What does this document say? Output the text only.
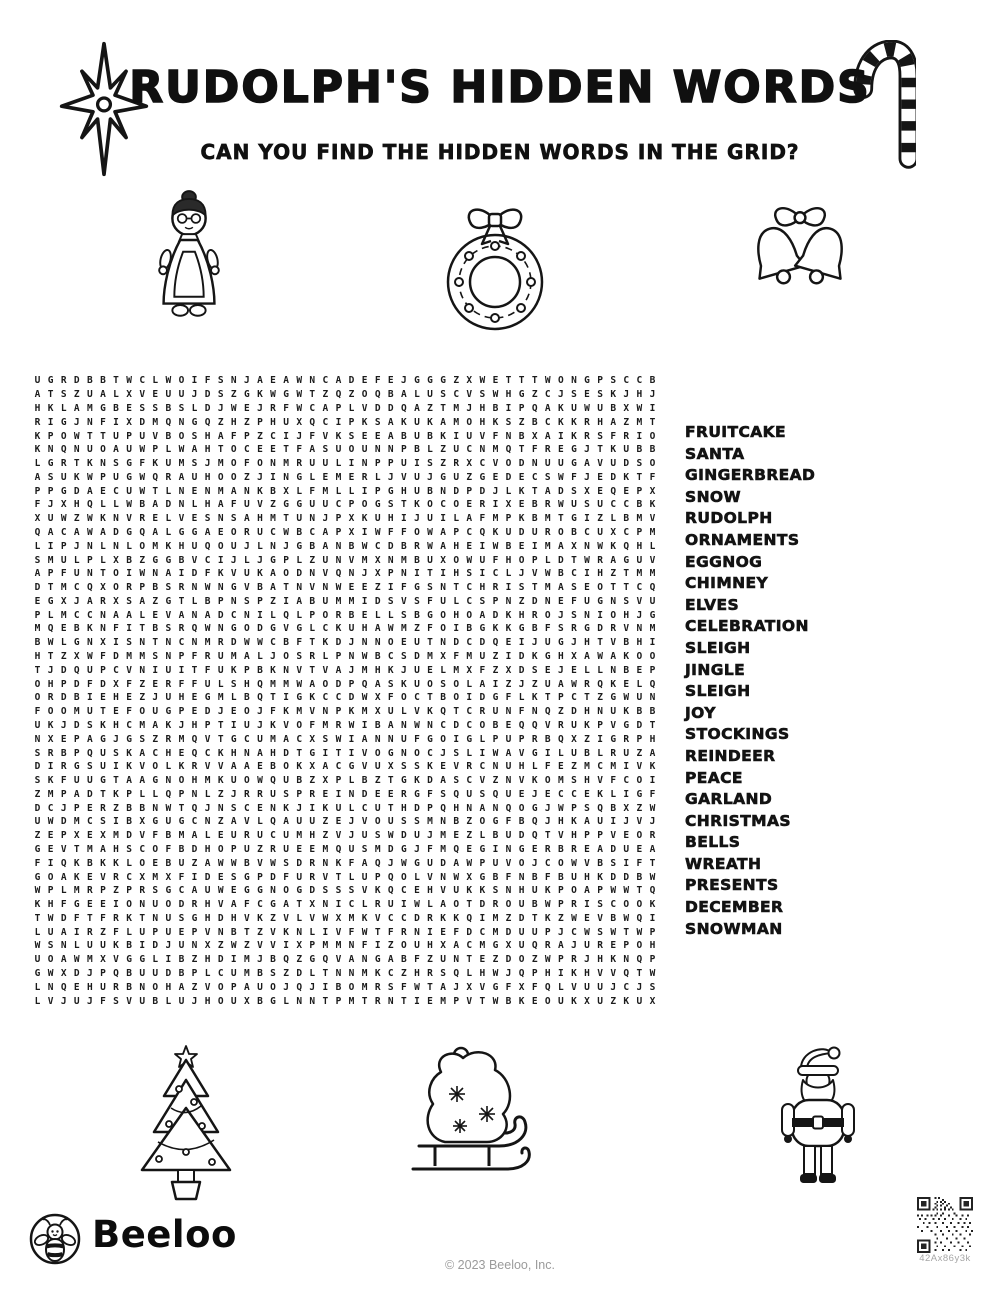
RUDOLPH'S HIDDEN WORDS
CAN YOU FIND THE HIDDEN WORDS IN THE GRID?
U G R D B B T W C L W O I F S N J A E A W N C A D E F E J G G G Z X W E T T T W O N G P S C C B
A T S Z U A L X V E U U J D S Z G K W G W T Z Q Z O Q B A L U S C V S W H G Z C J S E S K J H J
H K L A M G B E S S B S L D J W E J R F W C A P L V D D Q A Z T M J H B I P Q A K U W U B X W I
R I G J N F I X D M Q N G Q Z H Z P H U X Q C I P K S A K U K A M O H K S Z B C K K R H A Z M T
K P O W T T U P U V B O S H A F P Z C I J F V K S E E A B U B K I U V F N B X A I K R S F R I O
K N Q N U O A U W P L W A H T O C E E T F A S U O U N N P B L Z U C N M Q T F R E G J T K U B B
L G R T K N S G F K U M S J M O F O N M R U U L I N P P U I S Z R X C V O D N U U G A V U D S O
A S U K W P U G W Q R A U H O O Z J I N G L E M E R L J V U J G U Z G E D E C S W F J E D K T F
P P G D A E C U W T L N E N M A N K B X L F M L L I P G H U B N D P D J L K T A D S X E Q E P X
F J X H Q L L W B A D N L H A F U V Z G G U U C P O G S T K O C O E R I X E B R W U S U C C B K
X U W Z W K N V R E L V E S N S A H M T U N J P X K U H I J U I L A F M P K B M T G I Z L B M V
Q A C A W A D G Q A L G G A E O R U C W B C A P X I W F F O W A P C Q K U D U R O B C U X C P M
L I P J N L N L O M K H U Q O U J L N J G B A N B W C D B R W A H E I W B E I M A X N W K Q H L
S M U L P L X B Z G G B V C I J L J G P L Z U N V M X N M B U X O W U F H O P L D T W R A G U V
A P F U N T O I W N A I D F K V U K A O D N V Q N J X P N I T I H S I C L J V W B C I H Z T M M
D T M C Q X O R P B S R N W N G V B A T N V N W E E Z I F G S N T C H R I S T M A S E O T T C Q
E G X J A R X S A Z G T L B P N S P Z I A B U M M I D S V S F U L C S P N Z D N E F U G N S V U
P L M C C N A A L E V A N A D C N I L Q L P O R B E L L S B G O H O A D K H R O J S N I O H J G
M Q E B K N F I T B S R Q W N G O D G V G L C K U H A W M Z F O I B G K K G B F S R G D R V N M
B W L G N X I S N T N C N M R D W W C B F T K D J N N O E U T N D C D Q E I J U G J H T V B H I
H T Z X W F D M M S N P F R U M A L J O S R L P N W B C S D M X F M U Z I D K G H X A W A K O O
T J D Q U P C V N I U I T F U K P B K N V T V A J M H K J U E L M X F Z X D S E J E L L N B E P
O H P D F D X F Z E R F F U L S H Q M M W A O D P Q A S K U O S O L A I Z J Z U A W R Q K E L Q
O R D B I E H E Z J U H E G M L B Q T I G K C C D W X F O C T B O I D G F L K T P C T Z G W U N
F O O M U T E F O U G P E D J E O J F K M V N P K M X U L V K Q T C R U N F N Q Z D H N U K B B
U K J D S K H C M A K J H P T I U J K V O F M R W I B A N W N C D C O B E Q Q V R U K P V G D T
N X E P A G J G S Z R M Q V T G C U M A C X S W I A N N U F G O I G L P U P R B Q X Z I G R P H
S R B P Q U S K A C H E Q C K H N A H D T G I T I V O G N O C J S L I W A V G I L U B L R U Z A
D I R G S U I K V O L K R V V A A E B O K X A C G V U X S S K E V R C N U H L F E Z M C M I V K
S K F U U G T A A G N O H M K U O W Q U B Z X P L B Z T G K D A S C V Z N V K O M S H V F C O I
Z M P A D T K P L L Q P N L Z J R R U S P R E I N D E E R G F S Q U S Q U E J E C C E K L I G F
D C J P E R Z B B N W T Q J N S C E N K J I K U L C U T H D P Q H N A N Q O G J W P S Q B X Z W
U W D M C S I B X G U G C N Z A V L Q A U U Z E J V O U S S M N B Z O G F B Q J H K A U I J V J
Z E P X E X M D V F B M A L E U R U C U M H Z V J U S W D U J M E Z L B U D Q T V H P P V E O R
G E V T M A H S C O F B D H O P U Z R U E E M Q U S M D G J F M Q E G I N G E R B R E A D U E A
F I Q K B K K L O E B U Z A W W B V W S D R N K F A Q J W G U D A W P U V O J C O W V B S I F T
G O A K E V R C X M X F I D E S G P D F U R V T L U P Q O L V N W X G B F N B F B U H K D D B W
W P L M R P Z P R S G C A U W E G G N O G D S S S V K Q C E H V U K K S N H U K P O A P W W T Q
K H F G E E I O N U O D R H V A F C G A T X N I C L R U I W L A O T D R O U B W P R I S C O O K
T W D F T F R K T N U S G H D H V K Z V L V W X M K V C C D R K K Q I M Z D T K Z W E V B W Q I
L U A I R Z F L U P U E P V N B T Z V K N L I V F W T F R N I E F D C M D U U P J C W S W T W P
W S N L U U K B I D J U N X Z W Z V V I X P M M N F I Z O U H X A C M G X U Q R A J U R E P O H
U O A W M X V G G L I B Z H D I M J B Q Z G Q V A N G A B F Z U N T E Z D O Z W P R J H K N Q P
G W X D J P Q B U U D B P L C U M B S Z D L T N N M K C Z H R S Q L H W J Q P H I K H V V Q T W
L N Q E H U R B N O H A Z V O P A U O J Q J I B O M R S F W T A J X V G F X F Q L V U U J C J S
L V J U J F S V U B L U J H O U X B G L N N T P M T R N T I E M P V T W B K E O U K X U Z K U X
FRUITCAKE
SANTA
GINGERBREAD
SNOW
RUDOLPH
ORNAMENTS
EGGNOG
CHIMNEY
ELVES
CELEBRATION
SLEIGH
JINGLE
SLEIGH
JOY
STOCKINGS
REINDEER
PEACE
GARLAND
CHRISTMAS
BELLS
WREATH
PRESENTS
DECEMBER
SNOWMAN
Beeloo
© 2023 Beeloo, Inc.	42Ax86y3k
